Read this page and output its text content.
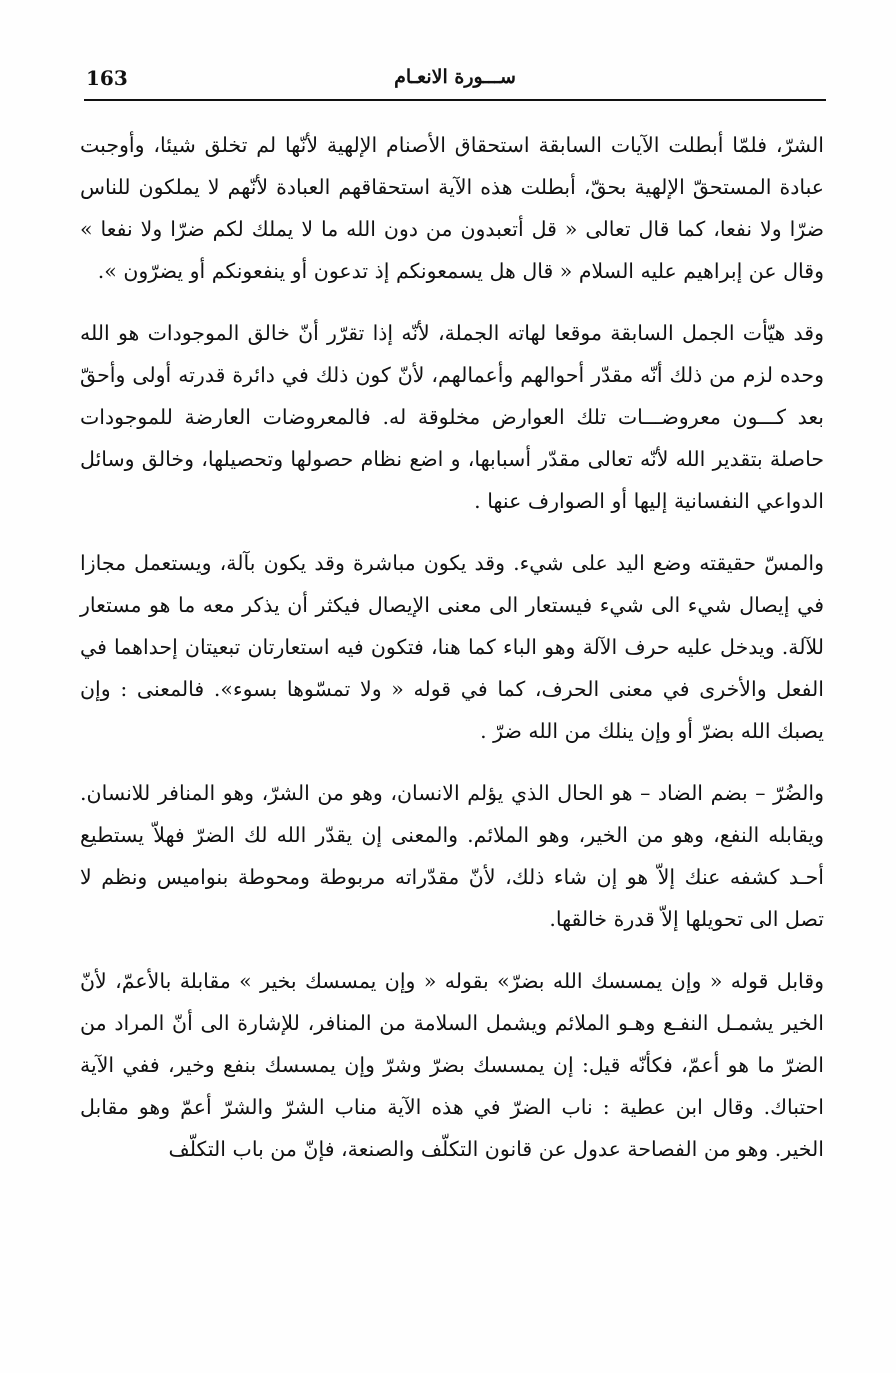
163	ســـورة الانعـام

الشرّ، فلمّا أبطلت الآيات السابقة استحقاق الأصنام الإلهية لأنّها لم تخلق شيئا، وأوجبت عبادة المستحقّ الإلهية بحقّ، أبطلت هذه الآية استحقاقهم العبادة لأنّهم لا يملكون للناس ضرّا ولا نفعا، كما قال تعالى « قل أتعبدون من دون الله ما لا يملك لكم ضرّا ولا نفعا » وقال عن إبراهيم عليه السلام « قال هل يسمعونكم إذ تدعون أو ينفعونكم أو يضرّون ».

وقد هيّأت الجمل السابقة موقعا لهاته الجملة، لأنّه إذا تقرّر أنّ خالق الموجودات هو الله وحده لزم من ذلك أنّه مقدّر أحوالهم وأعمالهم، لأنّ كون ذلك في دائرة قدرته أولى وأحقّ بعد كـــون معروضـــات تلك العوارض مخلوقة له. فالمعروضات العارضة للموجودات حاصلة بتقدير الله لأنّه تعالى مقدّر أسبابها، و اضع نظام حصولها وتحصيلها، وخالق وسائل الدواعي النفسانية إليها أو الصوارف عنها .

والمسّ حقيقته وضع اليد على شيء. وقد يكون مباشرة وقد يكون بآلة، ويستعمل مجازا في إيصال شيء الى شيء فيستعار الى معنى الإيصال فيكثر أن يذكر معه ما هو مستعار للآلة. ويدخل عليه حرف الآلة وهو الباء كما هنا، فتكون فيه استعارتان تبعيتان إحداهما في الفعل والأخرى في معنى الحرف، كما في قوله « ولا تمسّوها بسوء». فالمعنى : وإن يصبك الله بضرّ أو وإن ينلك من الله ضرّ .

والضُرّ – بضم الضاد – هو الحال الذي يؤلم الانسان، وهو من الشرّ، وهو المنافر للانسان. ويقابله النفع، وهو من الخير، وهو الملائم. والمعنى إن يقدّر الله لك الضرّ فهلاّ يستطيع أحـد كشفه عنك إلاّ هو إن شاء ذلك، لأنّ مقدّراته مربوطة ومحوطة بنواميس ونظم لا تصل الى تحويلها إلاّ قدرة خالقها.

وقابل قوله « وإن يمسسك الله بضرّ» بقوله « وإن يمسسك بخير » مقابلة بالأعمّ، لأنّ الخير يشمـل النفـع وهـو الملائم ويشمل السلامة من المنافر، للإشارة الى أنّ المراد من الضرّ ما هو أعمّ، فكأنّه قيل: إن يمسسك بضرّ وشرّ وإن يمسسك بنفع وخير، ففي الآية احتباك. وقال ابن عطية : ناب الضرّ في هذه الآية مناب الشرّ والشرّ أعمّ وهو مقابل الخير. وهو من الفصاحة عدول عن قانون التكلّف والصنعة، فإنّ من باب التكلّف
